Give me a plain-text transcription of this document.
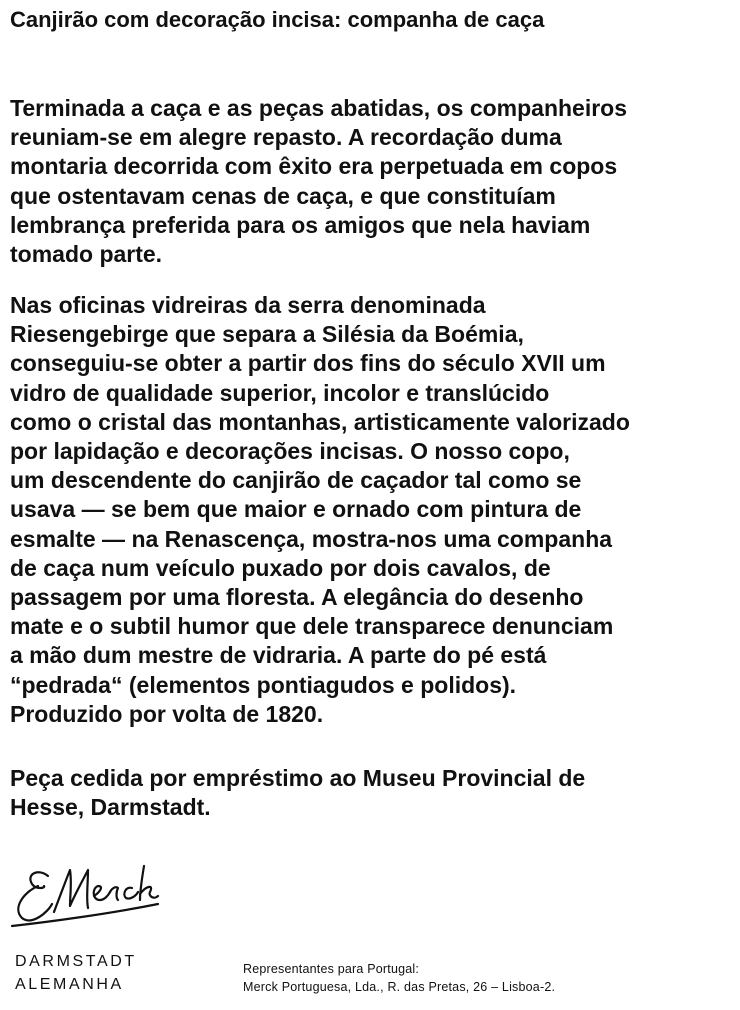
Canjirão com decoração incisa: companha de caça
Terminada a caça e as peças abatidas, os companheiros
reuniam-se em alegre repasto. A recordação duma
montaria decorrida com êxito era perpetuada em copos
que ostentavam cenas de caça, e que constituíam
lembrança preferida para os amigos que nela haviam
tomado parte.
Nas oficinas vidreiras da serra denominada
Riesengebirge que separa a Silésia da Boémia,
conseguiu-se obter a partir dos fins do século XVII um
vidro de qualidade superior, incolor e translúcido
como o cristal das montanhas, artisticamente valorizado
por lapidação e decorações incisas. O nosso copo,
um descendente do canjirão de caçador tal como se
usava — se bem que maior e ornado com pintura de
esmalte — na Renascença, mostra-nos uma companha
de caça num veículo puxado por dois cavalos, de
passagem por uma floresta. A elegância do desenho
mate e o subtil humor que dele transparece denunciam
a mão dum mestre de vidraria. A parte do pé está
“pedrada“ (elementos pontiagudos e polidos).
Produzido por volta de 1820.
Peça cedida por empréstimo ao Museu Provincial de
Hesse, Darmstadt.
DARMSTADT
ALEMANHA
Representantes para Portugal:
Merck Portuguesa, Lda., R. das Pretas, 26 – Lisboa-2.
